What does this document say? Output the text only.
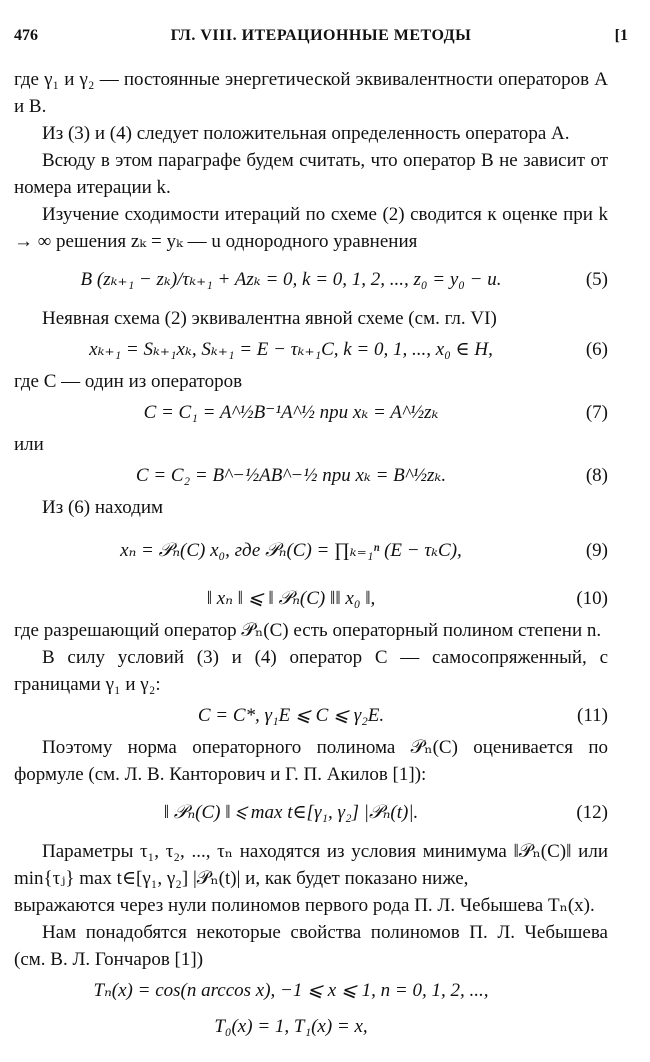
476	ГЛ. VIII. ИТЕРАЦИОННЫЕ МЕТОДЫ	[1

где γ₁ и γ₂ — постоянные энергетической эквивалентности операторов A и B.

Из (3) и (4) следует положительная определенность оператора A.

Всюду в этом параграфе будем считать, что оператор B не зависит от номера итерации k.

Изучение сходимости итераций по схеме (2) сводится к оценке при k → ∞ решения zₖ = yₖ — u однородного уравнения

B (zₖ₊₁ − zₖ)/τₖ₊₁ + Azₖ = 0, k = 0, 1, 2, ..., z₀ = y₀ − u.	(5)

Неявная схема (2) эквивалентна явной схеме (см. гл. VI)

xₖ₊₁ = Sₖ₊₁xₖ, Sₖ₊₁ = E − τₖ₊₁C, k = 0, 1, ..., x₀ ∈ H,	(6)

где C — один из операторов

C = C₁ = A^½B⁻¹A^½ при xₖ = A^½zₖ	(7)

или

C = C₂ = B^−½AB^−½ при xₖ = B^½zₖ.	(8)

Из (6) находим

xₙ = 𝒫ₙ(C) x₀, где 𝒫ₙ(C) = ∏ₖ₌₁ⁿ (E − τₖC),	(9)
‖ xₙ ‖ ⩽ ‖ 𝒫ₙ(C) ‖‖ x₀ ‖,	(10)

где разрешающий оператор 𝒫ₙ(C) есть операторный полином степени n.

В силу условий (3) и (4) оператор C — самосопряженный, с границами γ₁ и γ₂:

C = C*, γ₁E ⩽ C ⩽ γ₂E.	(11)

Поэтому норма операторного полинома 𝒫ₙ(C) оценивается по формуле (см. Л. В. Канторович и Г. П. Акилов [1]):

‖ 𝒫ₙ(C) ‖ ⩽ max t∈[γ₁, γ₂] |𝒫ₙ(t)|.	(12)

Параметры τ₁, τ₂, ..., τₙ находятся из условия минимума ‖𝒫ₙ(C)‖ или min{τⱼ} max t∈[γ₁, γ₂] |𝒫ₙ(t)| и, как будет показано ниже,

выражаются через нули полиномов первого рода П. Л. Чебышева Tₙ(x).

Нам понадобятся некоторые свойства полиномов П. Л. Чебышева (см. В. Л. Гончаров [1])

Tₙ(x) = cos(n arccos x), −1 ⩽ x ⩽ 1, n = 0, 1, 2, ...,
T₀(x) = 1, T₁(x) = x,
